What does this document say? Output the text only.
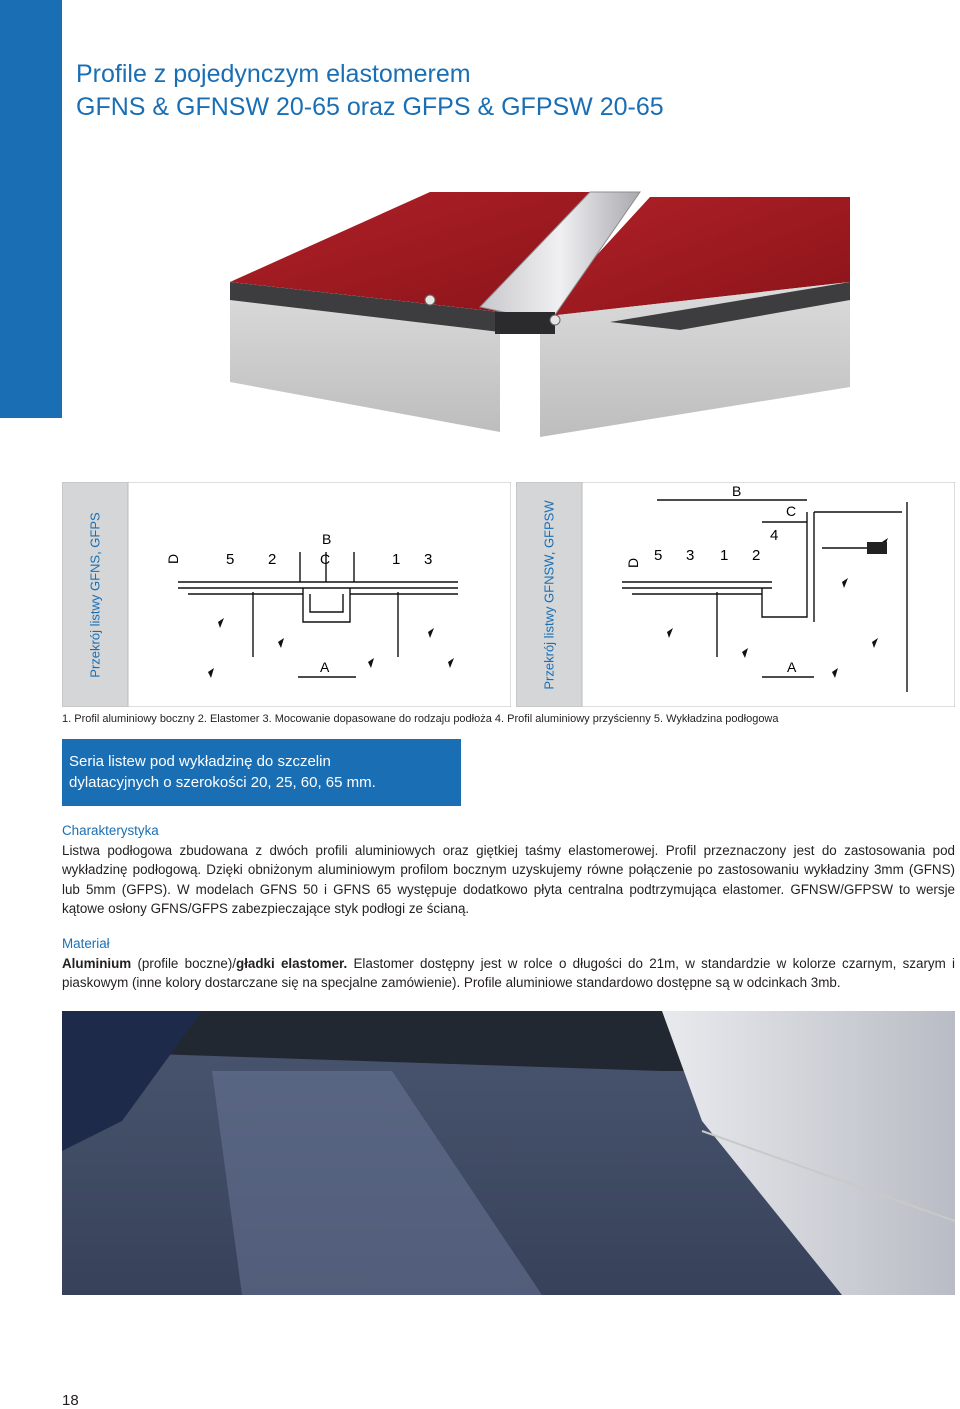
Profile z pojedynczym elastomerem
GFNS & GFNSW 20-65 oraz GFPS & GFPSW 20-65
Przekrój listwy GFNS, GFPS	D	5 2
B
C	1 3
A	Przekrój listwy GFNSW, GFPSW	D 5 3 1 2
B
C
4
A
1. Profil aluminiowy boczny 2. Elastomer 3. Mocowanie dopasowane do rodzaju podłoża 4. Profil aluminiowy przyścienny 5. Wykładzina podłogowa
Seria listew pod wykładzinę do szczelin
dylatacyjnych o szerokości 20, 25, 60, 65 mm.
Charakterystyka
Listwa podłogowa zbudowana z dwóch profili aluminiowych oraz giętkiej taśmy elastomerowej. Profil przeznaczony jest do zastosowania pod wykładzinę podłogową. Dzięki obniżonym aluminiowym profilom bocznym uzyskujemy równe połączenie po zastosowaniu wykładziny 3mm (GFNS) lub 5mm (GFPS). W modelach GFNS 50 i GFNS 65 występuje dodatkowo płyta centralna podtrzymująca elastomer. GFNSW/GFPSW to wersje kątowe osłony GFNS/GFPS zabezpieczające styk podłogi ze ścianą.
Materiał
Aluminium (profile boczne)/gładki elastomer. Elastomer dostępny jest w rolce o długości do 21m, w standardzie w kolorze czarnym, szarym i piaskowym (inne kolory dostarczane się na specjalne zamówienie). Profile aluminiowe standardowo dostępne są w odcinkach 3mb.
18
